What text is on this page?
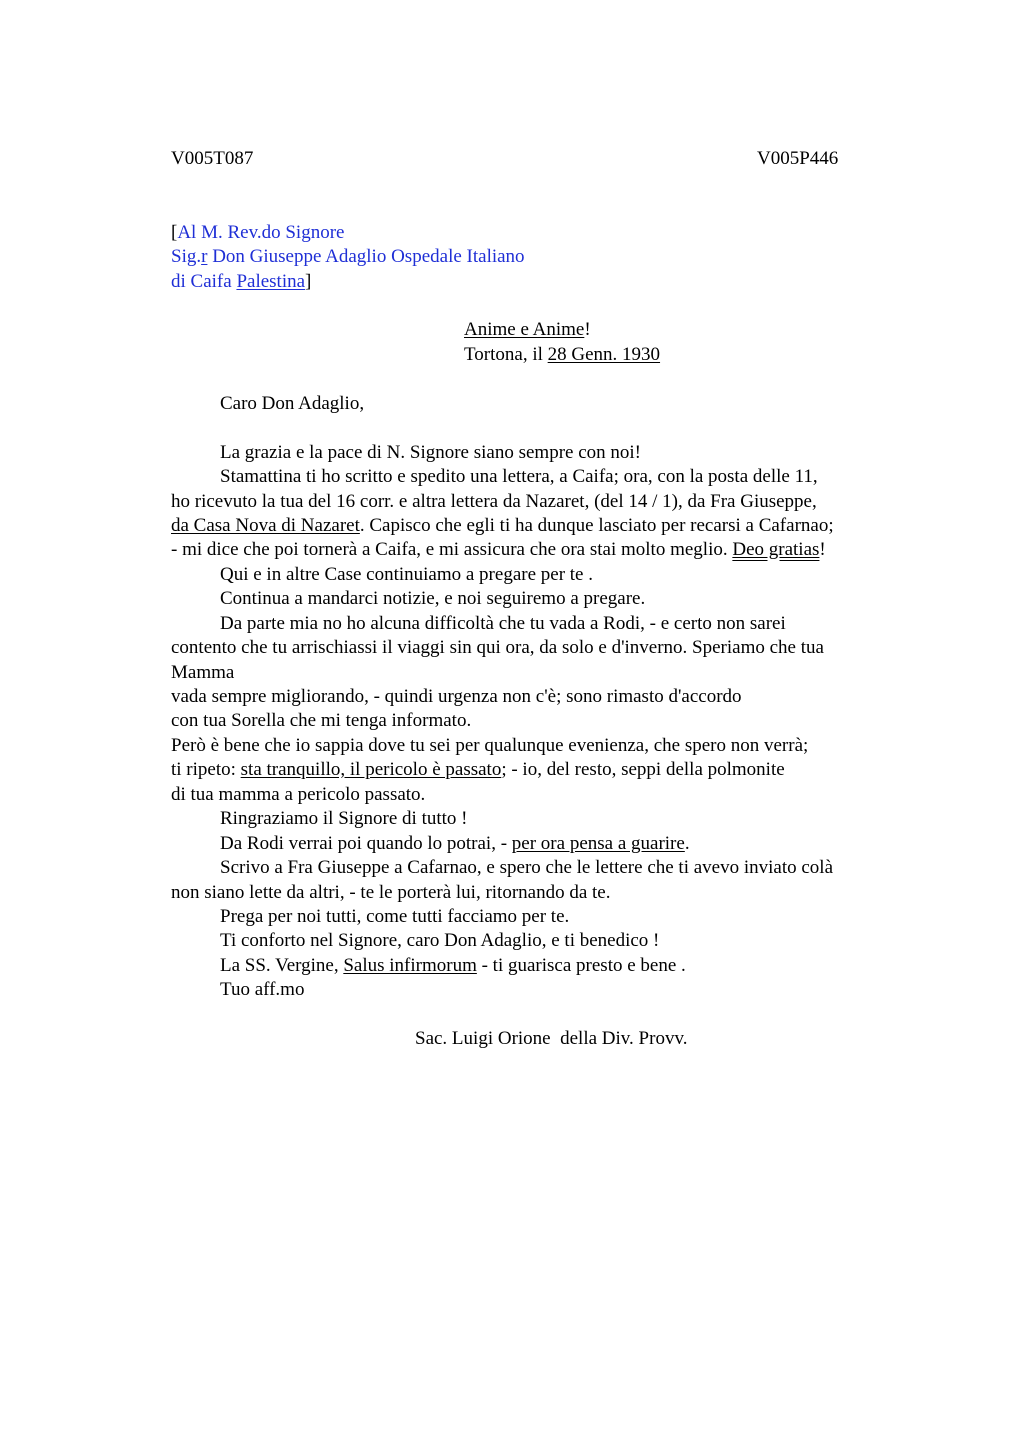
V005T087	V005P446
[Al M. Rev.do Signore
Sig.r Don Giuseppe Adaglio Ospedale Italiano
di Caifa Palestina]
Anime e Anime!
Tortona, il 28 Genn. 1930
Caro Don Adaglio,
La grazia e la pace di N. Signore siano sempre con noi!
Stamattina ti ho scritto e spedito una lettera, a Caifa; ora, con la posta delle 11,
ho ricevuto la tua del 16 corr. e altra lettera da Nazaret, (del 14 / 1), da Fra Giuseppe,
da Casa Nova di Nazaret. Capisco che egli ti ha dunque lasciato per recarsi a Cafarnao;
- mi dice che poi tornerà a Caifa, e mi assicura che ora stai molto meglio. Deo gratias!
Qui e in altre Case continuiamo a pregare per te .
Continua a mandarci notizie, e noi seguiremo a pregare.
Da parte mia no ho alcuna difficoltà che tu vada a Rodi, - e certo non sarei
contento che tu arrischiassi il viaggi sin qui ora, da solo e d'inverno. Speriamo che tua
Mamma
vada sempre migliorando, - quindi urgenza non c'è; sono rimasto d'accordo
con tua Sorella che mi tenga informato.
Però è bene che io sappia dove tu sei per qualunque evenienza, che spero non verrà;
ti ripeto: sta tranquillo, il pericolo è passato; - io, del resto, seppi della polmonite
di tua mamma a pericolo passato.
Ringraziamo il Signore di tutto !
Da Rodi verrai poi quando lo potrai, - per ora pensa a guarire.
Scrivo a Fra Giuseppe a Cafarnao, e spero che le lettere che ti avevo inviato colà
non siano lette da altri, - te le porterà lui, ritornando da te.
Prega per noi tutti, come tutti facciamo per te.
Ti conforto nel Signore, caro Don Adaglio, e ti benedico !
La SS. Vergine, Salus infirmorum - ti guarisca presto e bene .
Tuo aff.mo
Sac. Luigi Orione  della Div. Provv.
